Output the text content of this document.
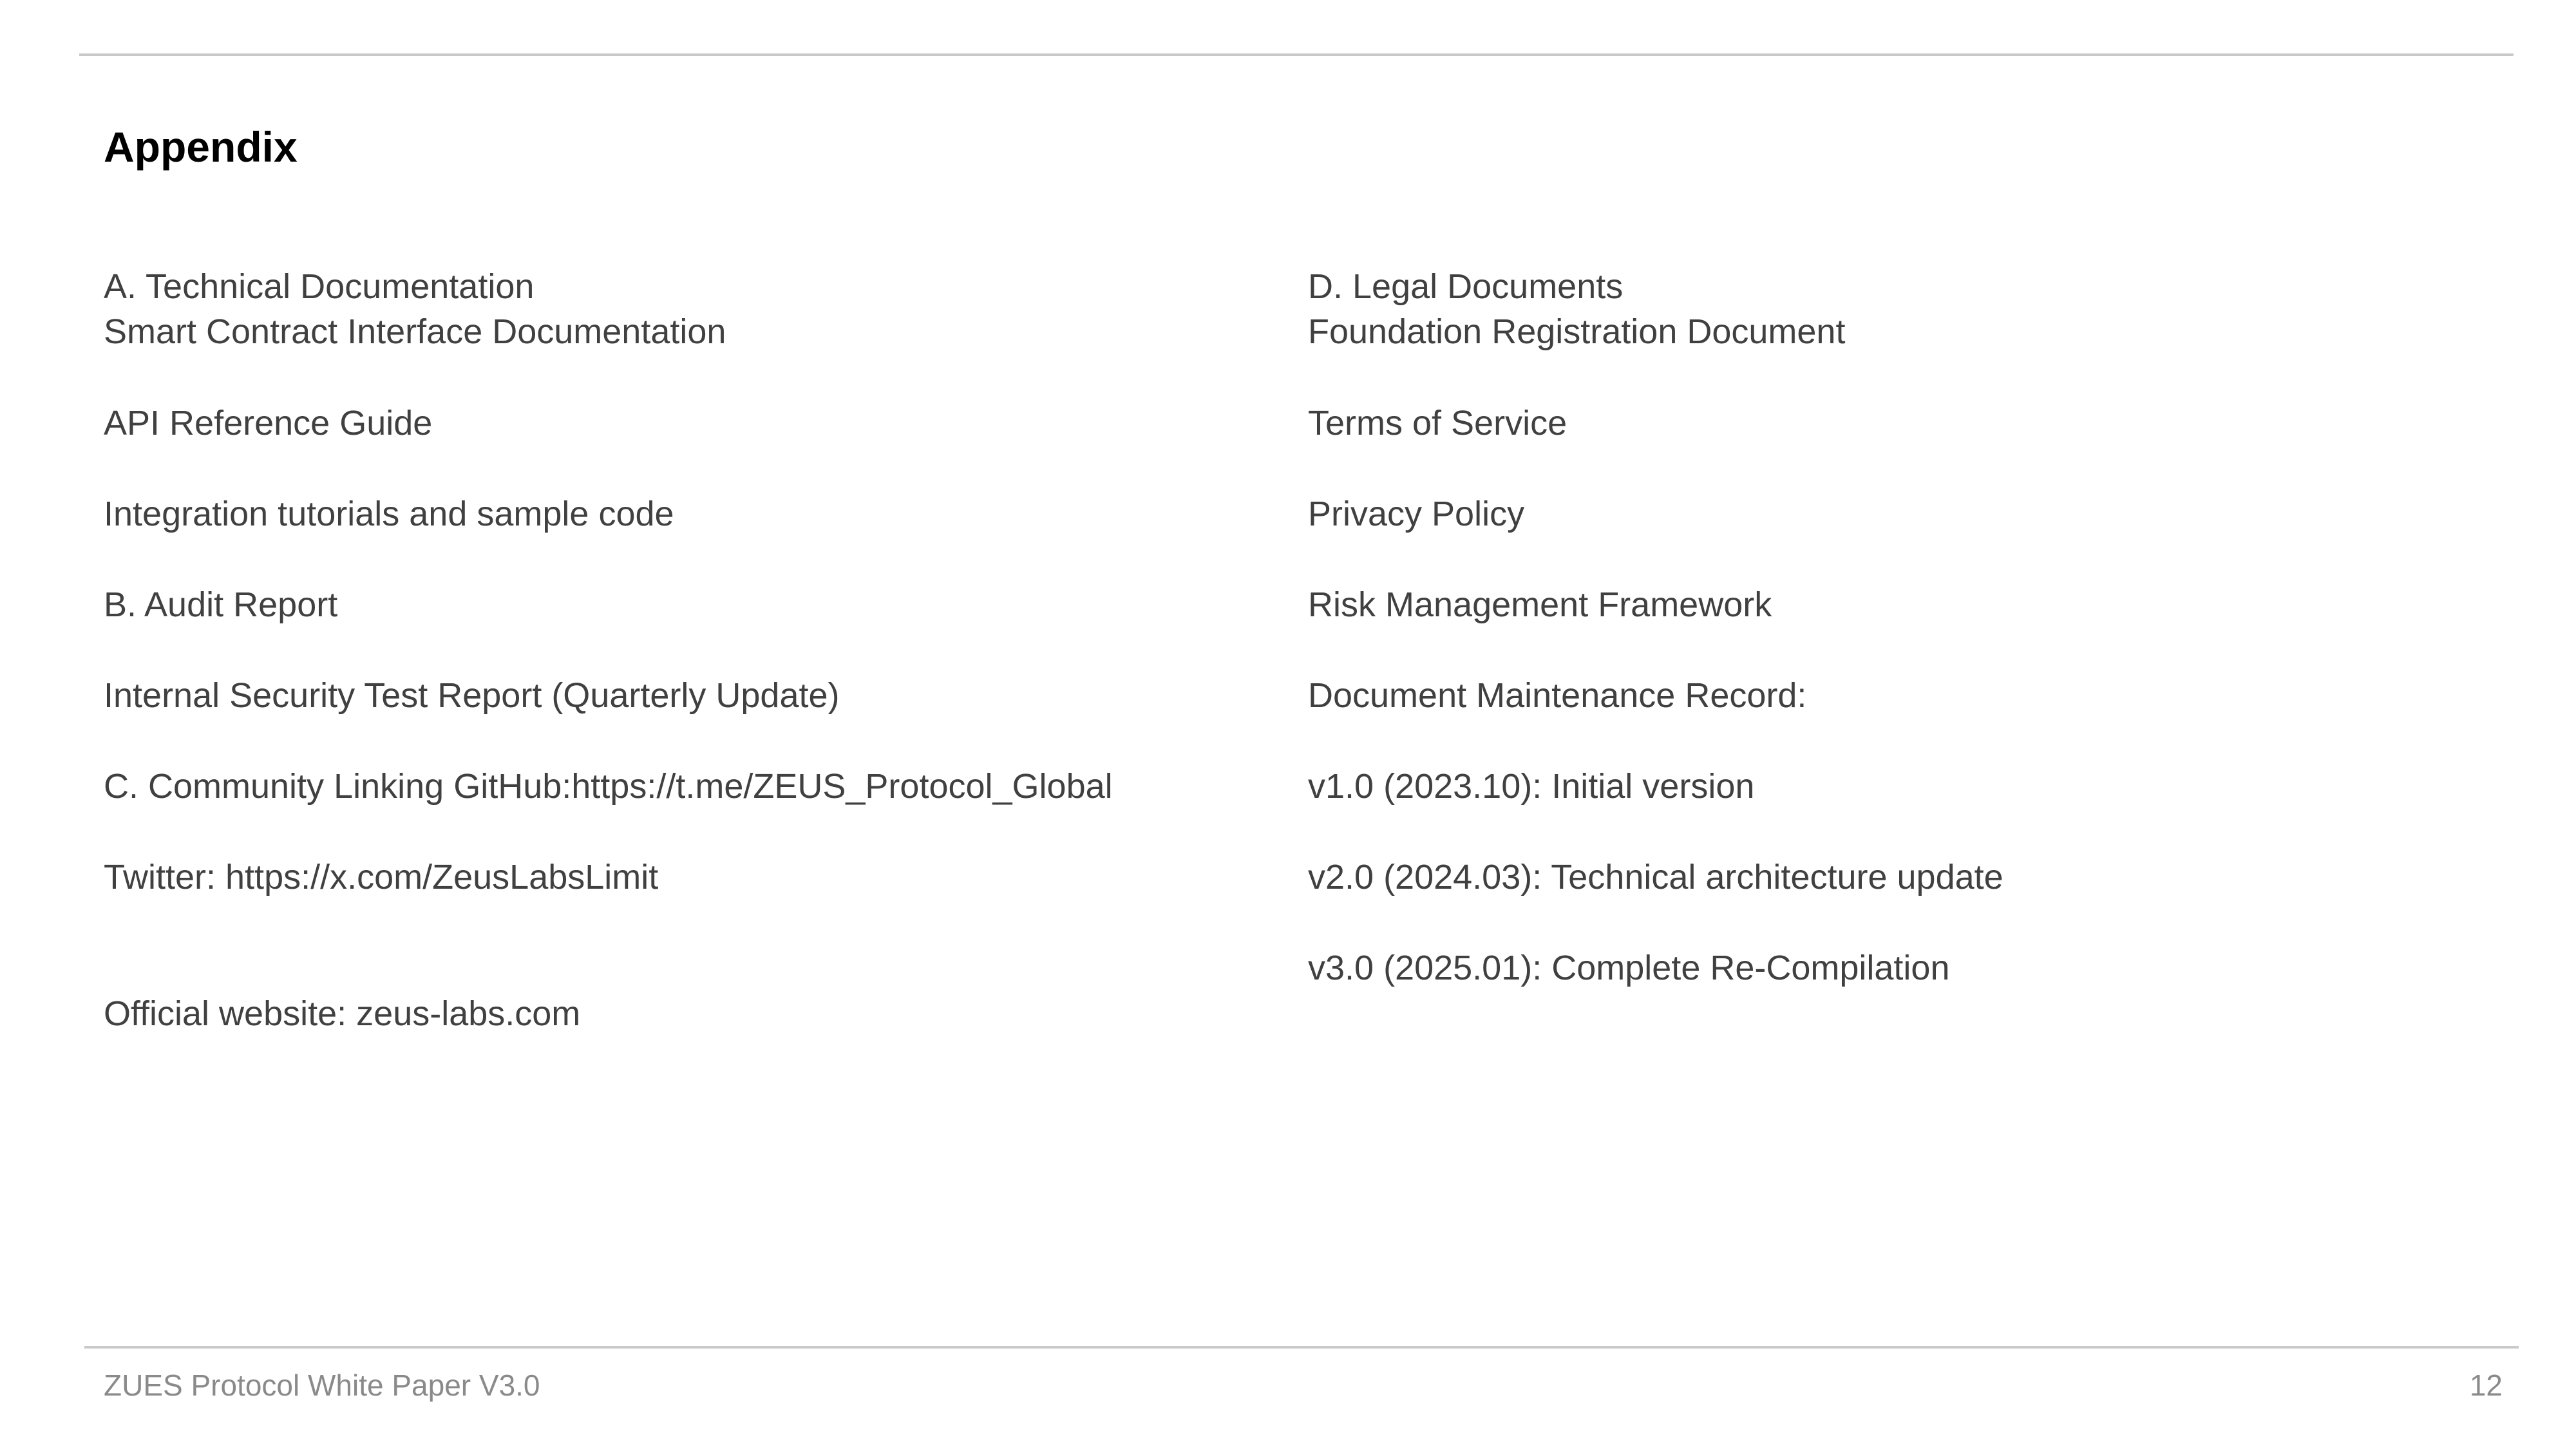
Appendix
A. Technical Documentation
Smart Contract Interface Documentation
API Reference Guide
Integration tutorials and sample code
B. Audit Report
Internal Security Test Report (Quarterly Update)
C. Community Linking GitHub:https://t.me/ZEUS_Protocol_Global
Twitter: https://x.com/ZeusLabsLimit
Official website: zeus-labs.com
D. Legal Documents
Foundation Registration Document
Terms of Service
Privacy Policy
Risk Management Framework
Document Maintenance Record:
v1.0 (2023.10): Initial version
v2.0 (2024.03): Technical architecture update
v3.0 (2025.01): Complete Re-Compilation
ZUES Protocol White Paper V3.0	12
